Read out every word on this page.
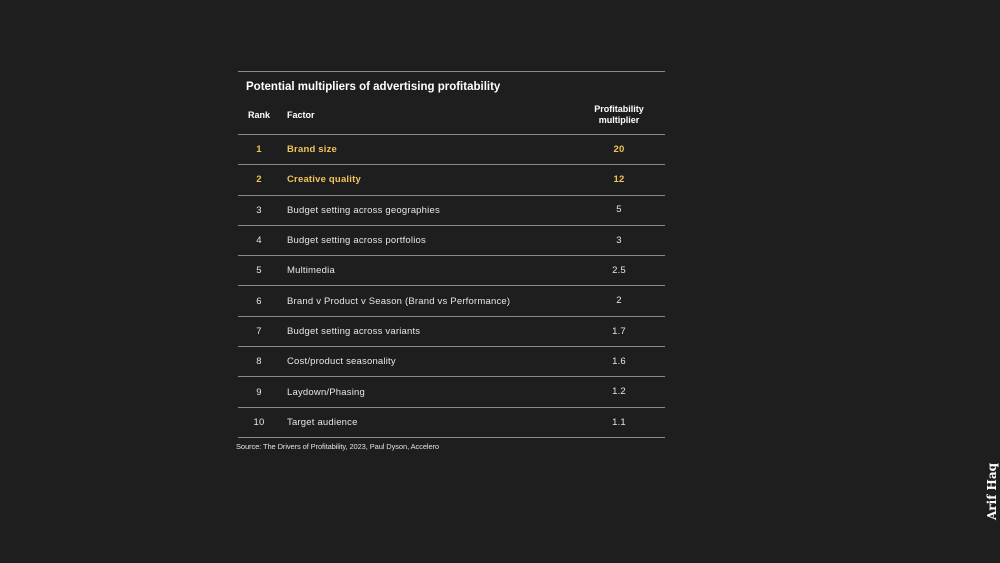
Potential multipliers of advertising profitability
Rank	Factor
Profitability
multiplier
1	Brand size	20
2	Creative quality	12
3	Budget setting across geographies	5
4	Budget setting across portfolios	3
5	Multimedia	2.5
6	Brand v Product v Season (Brand vs Performance)	2
7	Budget setting across variants	1.7
8	Cost/product seasonality	1.6
9	Laydown/Phasing	1.2
10	Target audience	1.1
Source: The Drivers of Profitability, 2023, Paul Dyson, Accelero
Arif Haq
